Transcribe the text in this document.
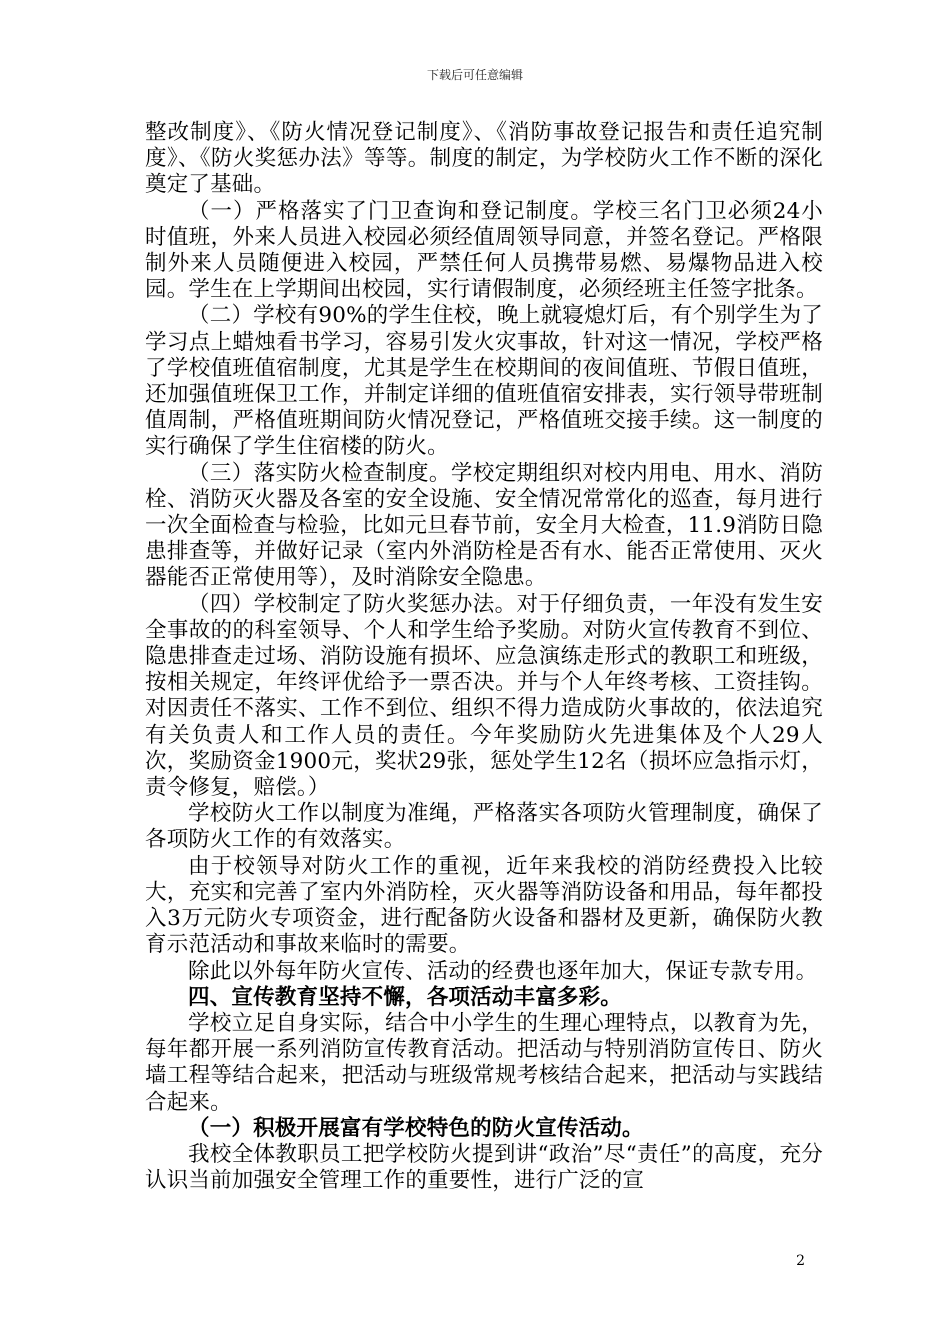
下载后可任意编辑

整改制度》、《防火情况登记制度》、《消防事故登记报告和责任追究制度》、《防火奖惩办法》等等。制度的制定，为学校防火工作不断的深化奠定了基础。

（一）严格落实了门卫查询和登记制度。学校三名门卫必须24小时值班，外来人员进入校园必须经值周领导同意，并签名登记。严格限制外来人员随便进入校园，严禁任何人员携带易燃、易爆物品进入校园。学生在上学期间出校园，实行请假制度，必须经班主任签字批条。

（二）学校有90%的学生住校，晚上就寝熄灯后，有个别学生为了学习点上蜡烛看书学习，容易引发火灾事故，针对这一情况，学校严格了学校值班值宿制度，尤其是学生在校期间的夜间值班、节假日值班，还加强值班保卫工作，并制定详细的值班值宿安排表，实行领导带班制值周制，严格值班期间防火情况登记，严格值班交接手续。这一制度的实行确保了学生住宿楼的防火。

（三）落实防火检查制度。学校定期组织对校内用电、用水、消防栓、消防灭火器及各室的安全设施、安全情况常常化的巡查，每月进行一次全面检查与检验，比如元旦春节前，安全月大检查，11.9消防日隐患排查等，并做好记录（室内外消防栓是否有水、能否正常使用、灭火器能否正常使用等），及时消除安全隐患。

（四）学校制定了防火奖惩办法。对于仔细负责，一年没有发生安全事故的的科室领导、个人和学生给予奖励。对防火宣传教育不到位、隐患排查走过场、消防设施有损坏、应急演练走形式的教职工和班级，按相关规定，年终评优给予一票否决。并与个人年终考核、工资挂钩。对因责任不落实、工作不到位、组织不得力造成防火事故的，依法追究有关负责人和工作人员的责任。今年奖励防火先进集体及个人29人次，奖励资金1900元，奖状29张，惩处学生12名（损坏应急指示灯，责令修复，赔偿。）

学校防火工作以制度为准绳，严格落实各项防火管理制度，确保了各项防火工作的有效落实。

由于校领导对防火工作的重视，近年来我校的消防经费投入比较大，充实和完善了室内外消防栓，灭火器等消防设备和用品，每年都投入3万元防火专项资金，进行配备防火设备和器材及更新，确保防火教育示范活动和事故来临时的需要。

除此以外每年防火宣传、活动的经费也逐年加大，保证专款专用。

四、宣传教育坚持不懈，各项活动丰富多彩。

学校立足自身实际，结合中小学生的生理心理特点，以教育为先，每年都开展一系列消防宣传教育活动。把活动与特别消防宣传日、防火墙工程等结合起来，把活动与班级常规考核结合起来，把活动与实践结合起来。

（一）积极开展富有学校特色的防火宣传活动。

我校全体教职员工把学校防火提到讲“政治”尽“责任”的高度，充分认识当前加强安全管理工作的重要性，进行广泛的宣

2
